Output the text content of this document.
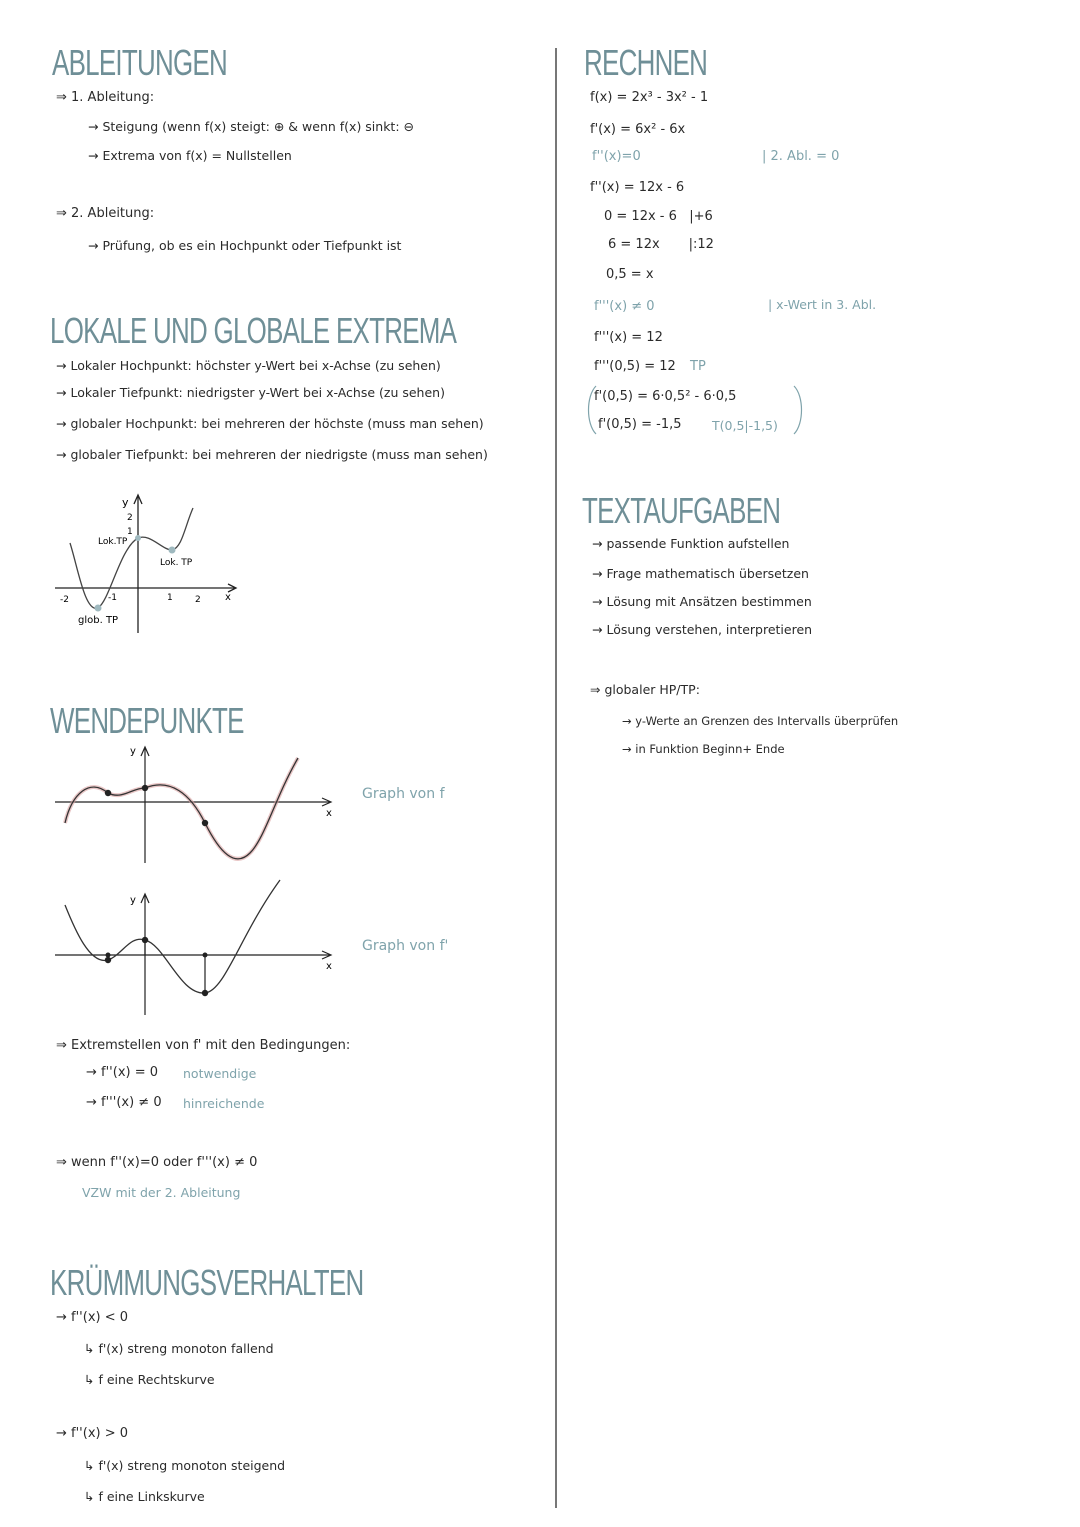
ABLEITUNGEN
⇒ 1. Ableitung:
→ Steigung (wenn f(x) steigt: ⊕ & wenn f(x) sinkt: ⊖
→ Extrema von f(x) = Nullstellen
⇒ 2. Ableitung:
→ Prüfung, ob es ein Hochpunkt oder Tiefpunkt ist
LOKALE UND GLOBALE EXTREMA
→ Lokaler Hochpunkt: höchster y-Wert bei x-Achse (zu sehen)
→ Lokaler Tiefpunkt: niedrigster y-Wert bei x-Achse (zu sehen)
→ globaler Hochpunkt: bei mehreren der höchste (muss man sehen)
→ globaler Tiefpunkt: bei mehreren der niedrigste (muss man sehen)
y
x
Lok.TP
Lok. TP
glob. TP
-2	-1	1 2
1
2
WENDEPUNKTE
y
x
Graph von f
y
x
Graph von f'
⇒ Extremstellen von f' mit den Bedingungen:
→ f''(x) = 0 notwendige
→ f'''(x) ≠ 0 hinreichende
⇒ wenn f''(x)=0 oder f'''(x) ≠ 0
VZW mit der 2. Ableitung
KRÜMMUNGSVERHALTEN
→ f''(x) < 0
↳ f'(x) streng monoton fallend
↳ f eine Rechtskurve
→ f''(x) > 0
↳ f'(x) streng monoton steigend
↳ f eine Linkskurve
RECHNEN
f(x) = 2x³ - 3x² - 1
f'(x) = 6x² - 6x
f''(x)=0	| 2. Abl. = 0
f''(x) = 12x - 6
0 = 12x - 6   |+6
6 = 12x       |:12
0,5 = x
f'''(x) ≠ 0	| x-Wert in 3. Abl.
f'''(x) = 12
f'''(0,5) = 12 TP
f'(0,5) = 6·0,5² - 6·0,5
f'(0,5) = -1,5 T(0,5|-1,5)
TEXTAUFGABEN
→ passende Funktion aufstellen
→ Frage mathematisch übersetzen
→ Lösung mit Ansätzen bestimmen
→ Lösung verstehen, interpretieren
⇒ globaler HP/TP:
→ y-Werte an Grenzen des Intervalls überprüfen
→ in Funktion Beginn+ Ende
